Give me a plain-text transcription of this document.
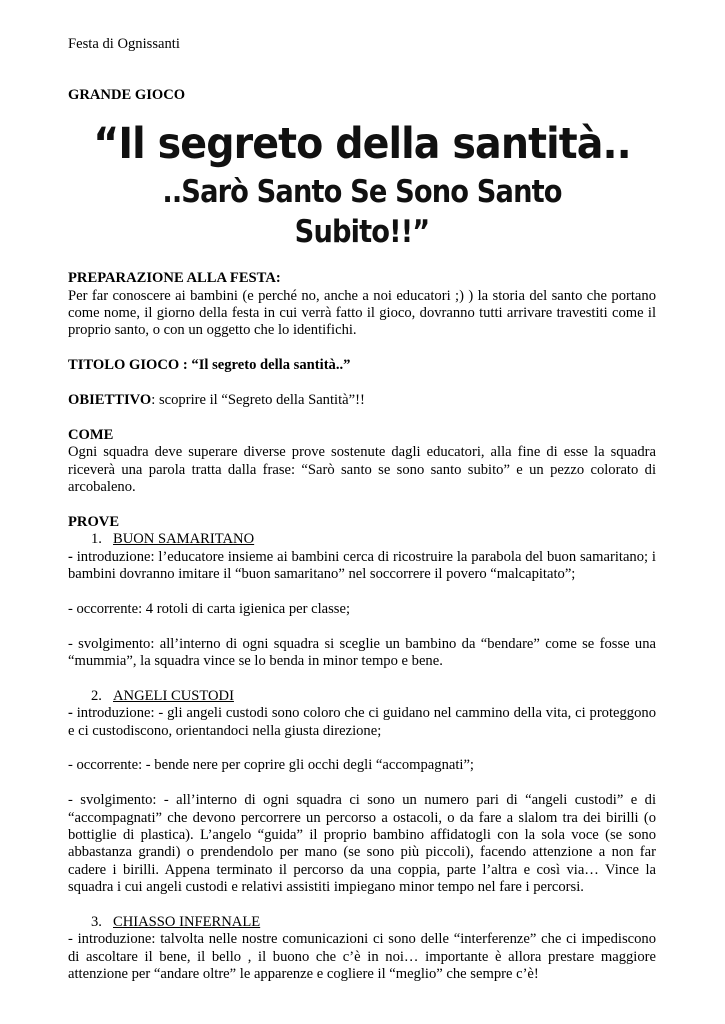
Festa di Ognissanti

GRANDE GIOCO

“Il segreto della santità..

..Sarò Santo Se Sono Santo Subito!!”

PREPARAZIONE ALLA FESTA:

Per far conoscere ai bambini (e perché no, anche a noi educatori ;) ) la storia del santo che portano come nome, il giorno della festa in cui verrà fatto il gioco, dovranno tutti arrivare travestiti come il proprio santo, o con un oggetto che lo identifichi.

TITOLO GIOCO : “Il segreto della santità..”

OBIETTIVO: scoprire il “Segreto della Santità”!!

COME

Ogni squadra deve superare diverse prove sostenute dagli educatori, alla fine di esse la squadra riceverà una parola tratta dalla frase: “Sarò santo se sono santo subito” e un pezzo colorato di arcobaleno.

PROVE

1. BUON SAMARITANO

- introduzione: l’educatore insieme ai bambini cerca di ricostruire la parabola del buon samaritano; i bambini dovranno imitare il “buon samaritano” nel soccorrere il povero “malcapitato”;

- occorrente: 4 rotoli di carta igienica per classe;

- svolgimento: all’interno di ogni squadra si sceglie un bambino da “bendare” come se fosse una “mummia”, la squadra vince se lo benda in minor tempo e bene.

2. ANGELI CUSTODI

- introduzione: - gli angeli custodi sono coloro che ci guidano nel cammino della vita, ci proteggono e ci custodiscono, orientandoci nella giusta direzione;

- occorrente: - bende nere per coprire gli occhi degli “accompagnati”;

- svolgimento: - all’interno di ogni squadra ci sono un numero pari di “angeli custodi” e di “accompagnati” che devono percorrere un percorso a ostacoli, o da fare a slalom tra dei birilli (o bottiglie di plastica). L’angelo “guida” il proprio bambino affidatogli con la sola voce (se sono abbastanza grandi) o prendendolo per mano (se sono più piccoli), facendo attenzione a non far cadere i birilli. Appena terminato il percorso da una coppia, parte l’altra e così via… Vince la squadra i cui angeli custodi e relativi assistiti impiegano minor tempo nel fare i percorsi.

3. CHIASSO INFERNALE

- introduzione: talvolta nelle nostre comunicazioni ci sono delle “interferenze” che ci impediscono di ascoltare il bene, il bello , il buono che c’è in noi… importante è allora prestare maggiore attenzione per “andare oltre” le apparenze e cogliere il “meglio” che sempre c’è!
